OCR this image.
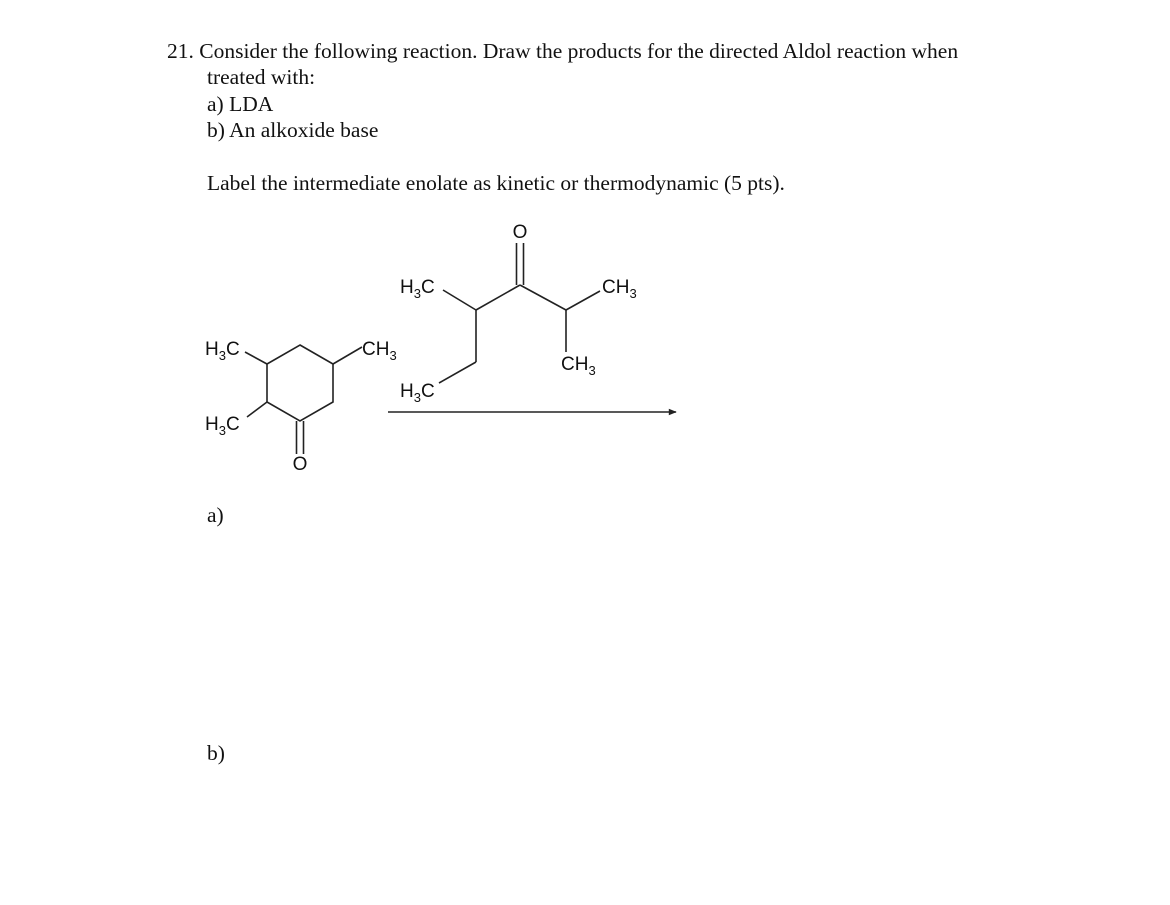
21. Consider the following reaction. Draw the products for the directed Aldol reaction when
treated with:
a) LDA
b) An alkoxide base
Label the intermediate enolate as kinetic or thermodynamic (5 pts).
O
$CH_3$
$H_3C$
$H_3C$
O
$H_3C$	$CH_3$
$CH_3$
$H_3C$
a)
b)
